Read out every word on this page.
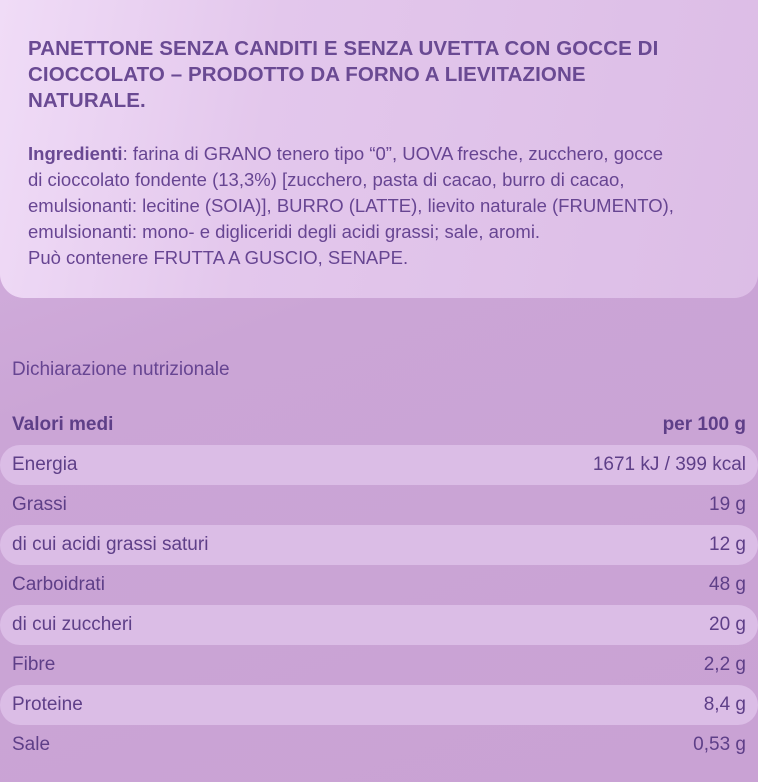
PANETTONE SENZA CANDITI E SENZA UVETTA CON GOCCE DI
CIOCCOLATO – PRODOTTO DA FORNO A LIEVITAZIONE
NATURALE.
Ingredienti: farina di GRANO tenero tipo “0”, UOVA fresche, zucchero, gocce
di cioccolato fondente (13,3%) [zucchero, pasta di cacao, burro di cacao,
emulsionanti: lecitine (SOIA)], BURRO (LATTE), lievito naturale (FRUMENTO),
emulsionanti: mono- e digliceridi degli acidi grassi; sale, aromi.
Può contenere FRUTTA A GUSCIO, SENAPE.
Dichiarazione nutrizionale
Valori medi	per 100 g
Energia	1671 kJ / 399 kcal
Grassi	19 g
di cui acidi grassi saturi	12 g
Carboidrati	48 g
di cui zuccheri	20 g
Fibre	2,2 g
Proteine	8,4 g
Sale	0,53 g
